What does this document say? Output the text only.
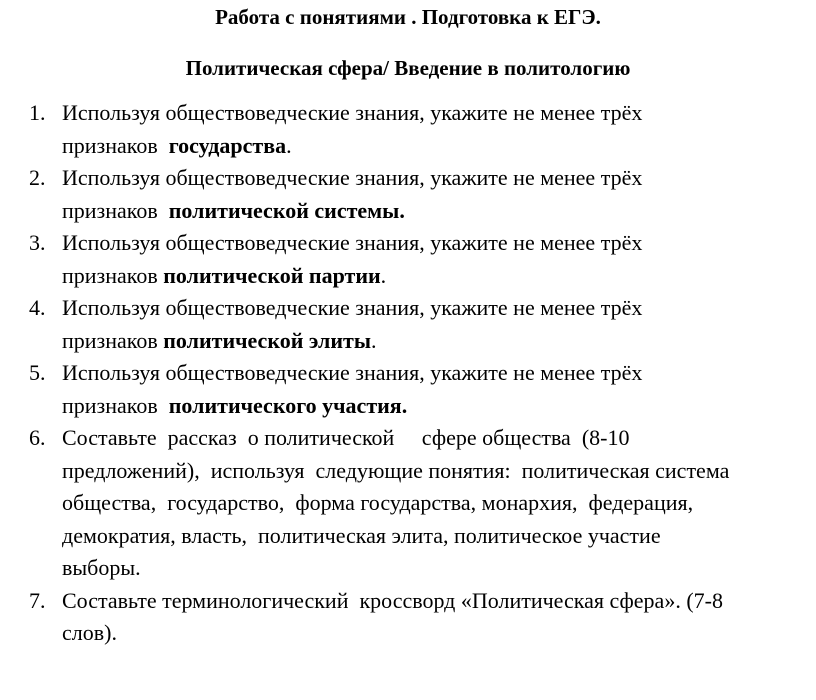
Работа с понятиями . Подготовка к ЕГЭ.
Политическая сфера/ Введение в политологию
1. Используя обществоведческие знания, укажите не менее трёх
признаков  государства.
2. Используя обществоведческие знания, укажите не менее трёх
признаков  политической системы.
3. Используя обществоведческие знания, укажите не менее трёх
признаков политической партии.
4. Используя обществоведческие знания, укажите не менее трёх
признаков политической элиты.
5. Используя обществоведческие знания, укажите не менее трёх
признаков  политического участия.
6. Составьте  рассказ  о политической     сфере общества  (8-10
предложений),  используя  следующие понятия:  политическая система
общества,  государство,  форма государства, монархия,  федерация,
демократия, власть,  политическая элита, политическое участие
выборы.
7. Составьте терминологический  кроссворд «Политическая сфера». (7-8
слов).
